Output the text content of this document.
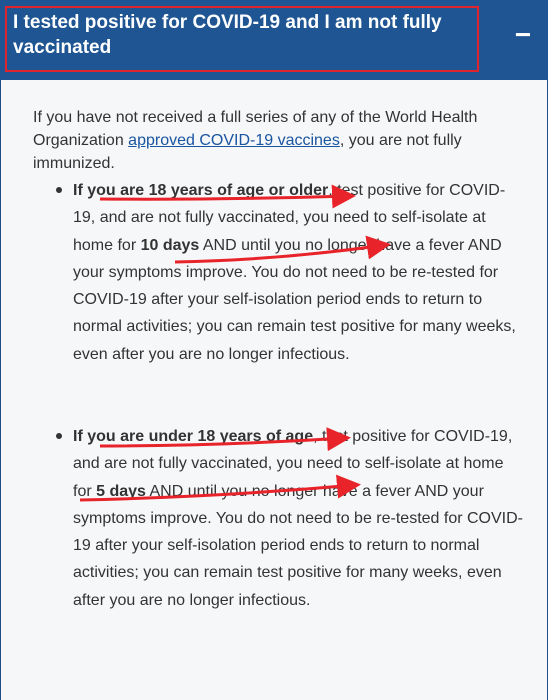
I tested positive for COVID-19 and I am not fully vaccinated	−

If you have not received a full series of any of the World Health Organization approved COVID-19 vaccines, you are not fully immunized.

If you are 18 years of age or older, test positive for COVID-19, and are not fully vaccinated, you need to self-isolate at home for 10 days AND until you no longer have a fever AND your symptoms improve. You do not need to be re-tested for COVID-19 after your self-isolation period ends to return to normal activities; you can remain test positive for many weeks, even after you are no longer infectious.
If you are under 18 years of age, test positive for COVID-19, and are not fully vaccinated, you need to self-isolate at home for 5 days AND until you no longer have a fever AND your symptoms improve. You do not need to be re-tested for COVID-19 after your self-isolation period ends to return to normal activities; you can remain test positive for many weeks, even after you are no longer infectious.
